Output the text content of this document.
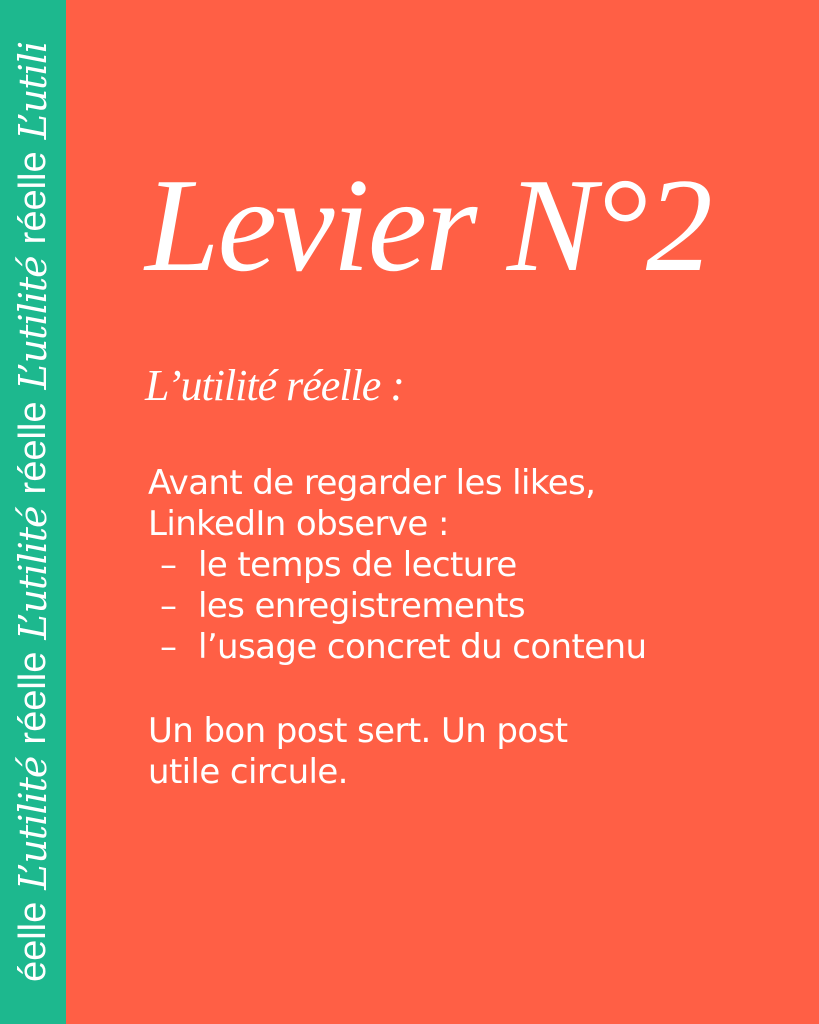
éelle
L’utilité
réelle
L’utilité
réelle
L’utilité
réelle
L’utili
Levier N°2
L’utilité réelle :
Avant de regarder les likes,
LinkedIn observe :
– le temps de lecture
– les enregistrements
– l’usage concret du contenu
Un bon post sert. Un post
utile circule.
